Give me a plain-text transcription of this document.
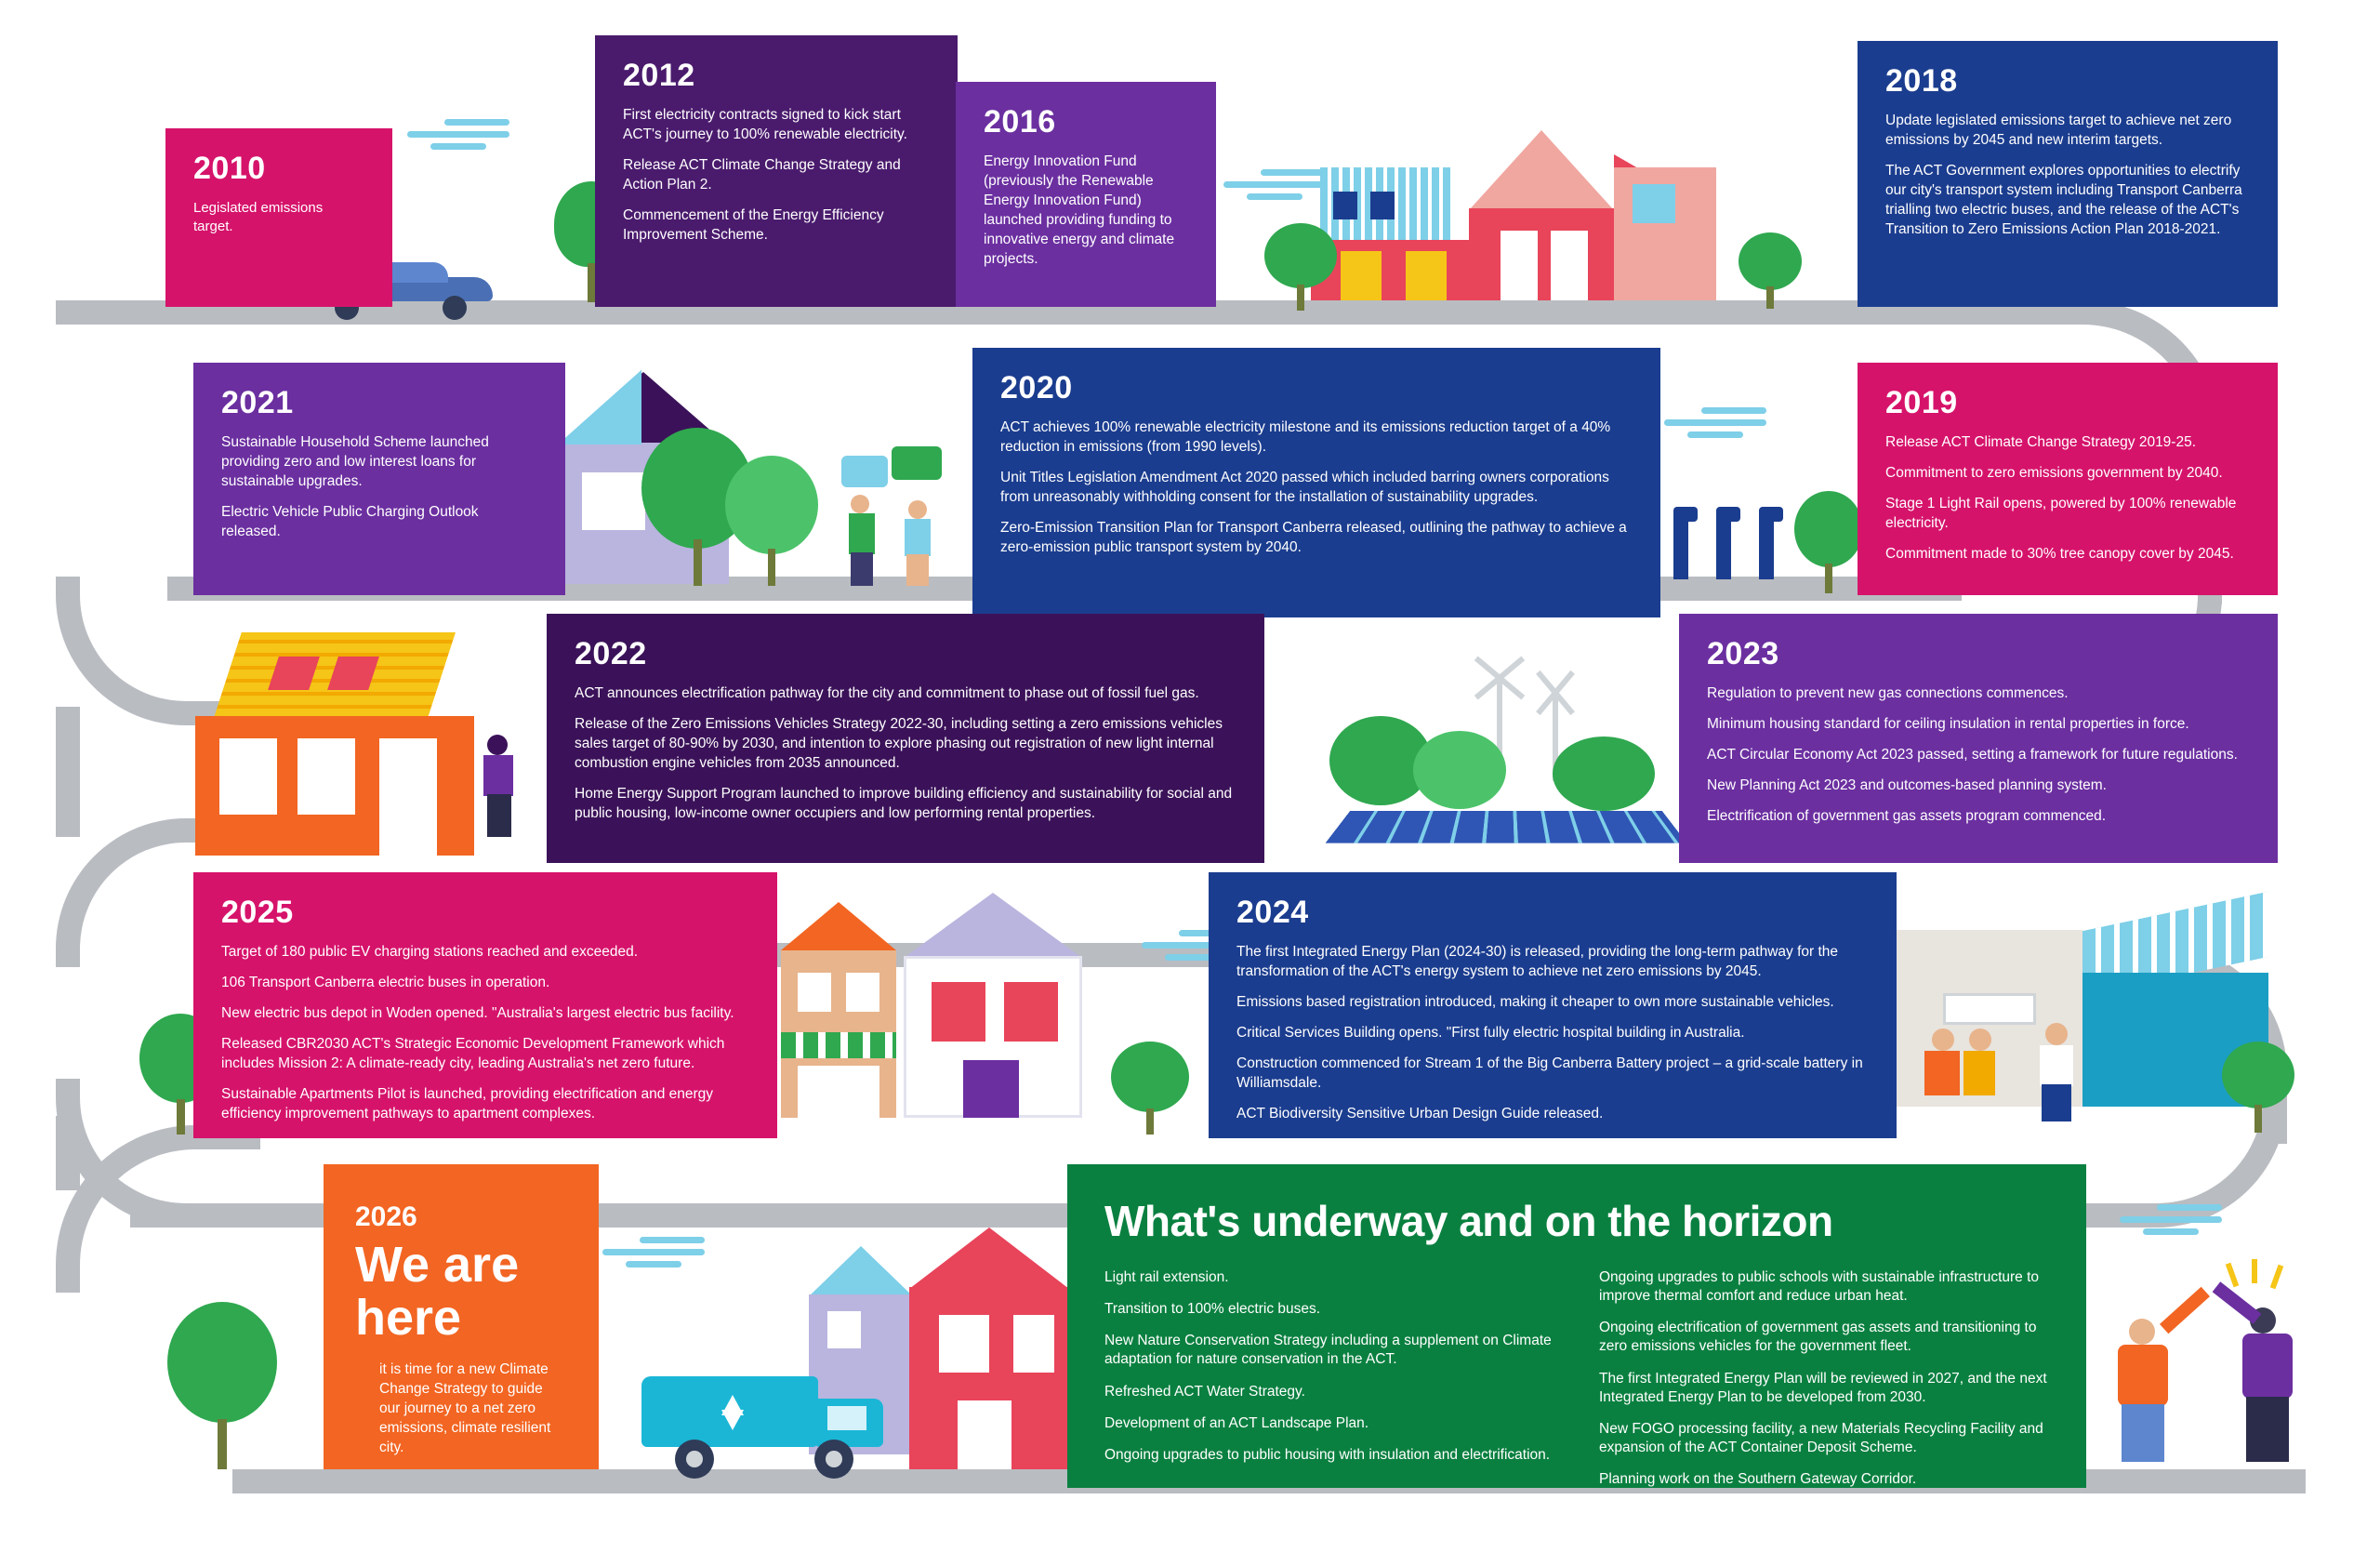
2010

Legislated emissions target.

2012

First electricity contracts signed to kick start ACT's journey to 100% renewable electricity.

Release ACT Climate Change Strategy and Action Plan 2.

Commencement of the Energy Efficiency Improvement Scheme.

2016

Energy Innovation Fund (previously the Renewable Energy Innovation Fund) launched providing funding to innovative energy and climate projects.

2018

Update legislated emissions target to achieve net zero emissions by 2045 and new interim targets.

The ACT Government explores opportunities to electrify our city's transport system including Transport Canberra trialling two electric buses, and the release of the ACT's Transition to Zero Emissions Action Plan 2018-2021.

2021

Sustainable Household Scheme launched providing zero and low interest loans for sustainable upgrades.

Electric Vehicle Public Charging Outlook released.

2020

ACT achieves 100% renewable electricity milestone and its emissions reduction target of a 40% reduction in emissions (from 1990 levels).

Unit Titles Legislation Amendment Act 2020 passed which included barring owners corporations from unreasonably withholding consent for the installation of sustainability upgrades.

Zero-Emission Transition Plan for Transport Canberra released, outlining the pathway to achieve a zero-emission public transport system by 2040.

2019

Release ACT Climate Change Strategy 2019-25.

Commitment to zero emissions government by 2040.

Stage 1 Light Rail opens, powered by 100% renewable electricity.

Commitment made to 30% tree canopy cover by 2045.

2022

ACT announces electrification pathway for the city and commitment to phase out of fossil fuel gas.

Release of the Zero Emissions Vehicles Strategy 2022-30, including setting a zero emissions vehicles sales target of 80-90% by 2030, and intention to explore phasing out registration of new light internal combustion engine vehicles from 2035 announced.

Home Energy Support Program launched to improve building efficiency and sustainability for social and public housing, low-income owner occupiers and low performing rental properties.

2023

Regulation to prevent new gas connections commences.

Minimum housing standard for ceiling insulation in rental properties in force.

ACT Circular Economy Act 2023 passed, setting a framework for future regulations.

New Planning Act 2023 and outcomes-based planning system.

Electrification of government gas assets program commenced.

2025

Target of 180 public EV charging stations reached and exceeded.

106 Transport Canberra electric buses in operation.

New electric bus depot in Woden opened. "Australia's largest electric bus facility.

Released CBR2030 ACT's Strategic Economic Development Framework which includes Mission 2: A climate-ready city, leading Australia's net zero future.

Sustainable Apartments Pilot is launched, providing electrification and energy efficiency improvement pathways to apartment complexes.

2024

The first Integrated Energy Plan (2024-30) is released, providing the long-term pathway for the transformation of the ACT's energy system to achieve net zero emissions by 2045.

Emissions based registration introduced, making it cheaper to own more sustainable vehicles.

Critical Services Building opens. "First fully electric hospital building in Australia.

Construction commenced for Stream 1 of the Big Canberra Battery project – a grid-scale battery in Williamsdale.

ACT Biodiversity Sensitive Urban Design Guide released.

2026
We are here
it is time for a new Climate Change Strategy to guide our journey to a net zero emissions, climate resilient city.
What's underway and on the horizon

Light rail extension.

Transition to 100% electric buses.

New Nature Conservation Strategy including a supplement on Climate adaptation for nature conservation in the ACT.

Refreshed ACT Water Strategy.

Development of an ACT Landscape Plan.

Ongoing upgrades to public housing with insulation and electrification.

Ongoing upgrades to public schools with sustainable infrastructure to improve thermal comfort and reduce urban heat.

Ongoing electrification of government gas assets and transitioning to zero emissions vehicles for the government fleet.

The first Integrated Energy Plan will be reviewed in 2027, and the next Integrated Energy Plan to be developed from 2030.

New FOGO processing facility, a new Materials Recycling Facility and expansion of the ACT Container Deposit Scheme.

Planning work on the Southern Gateway Corridor.
